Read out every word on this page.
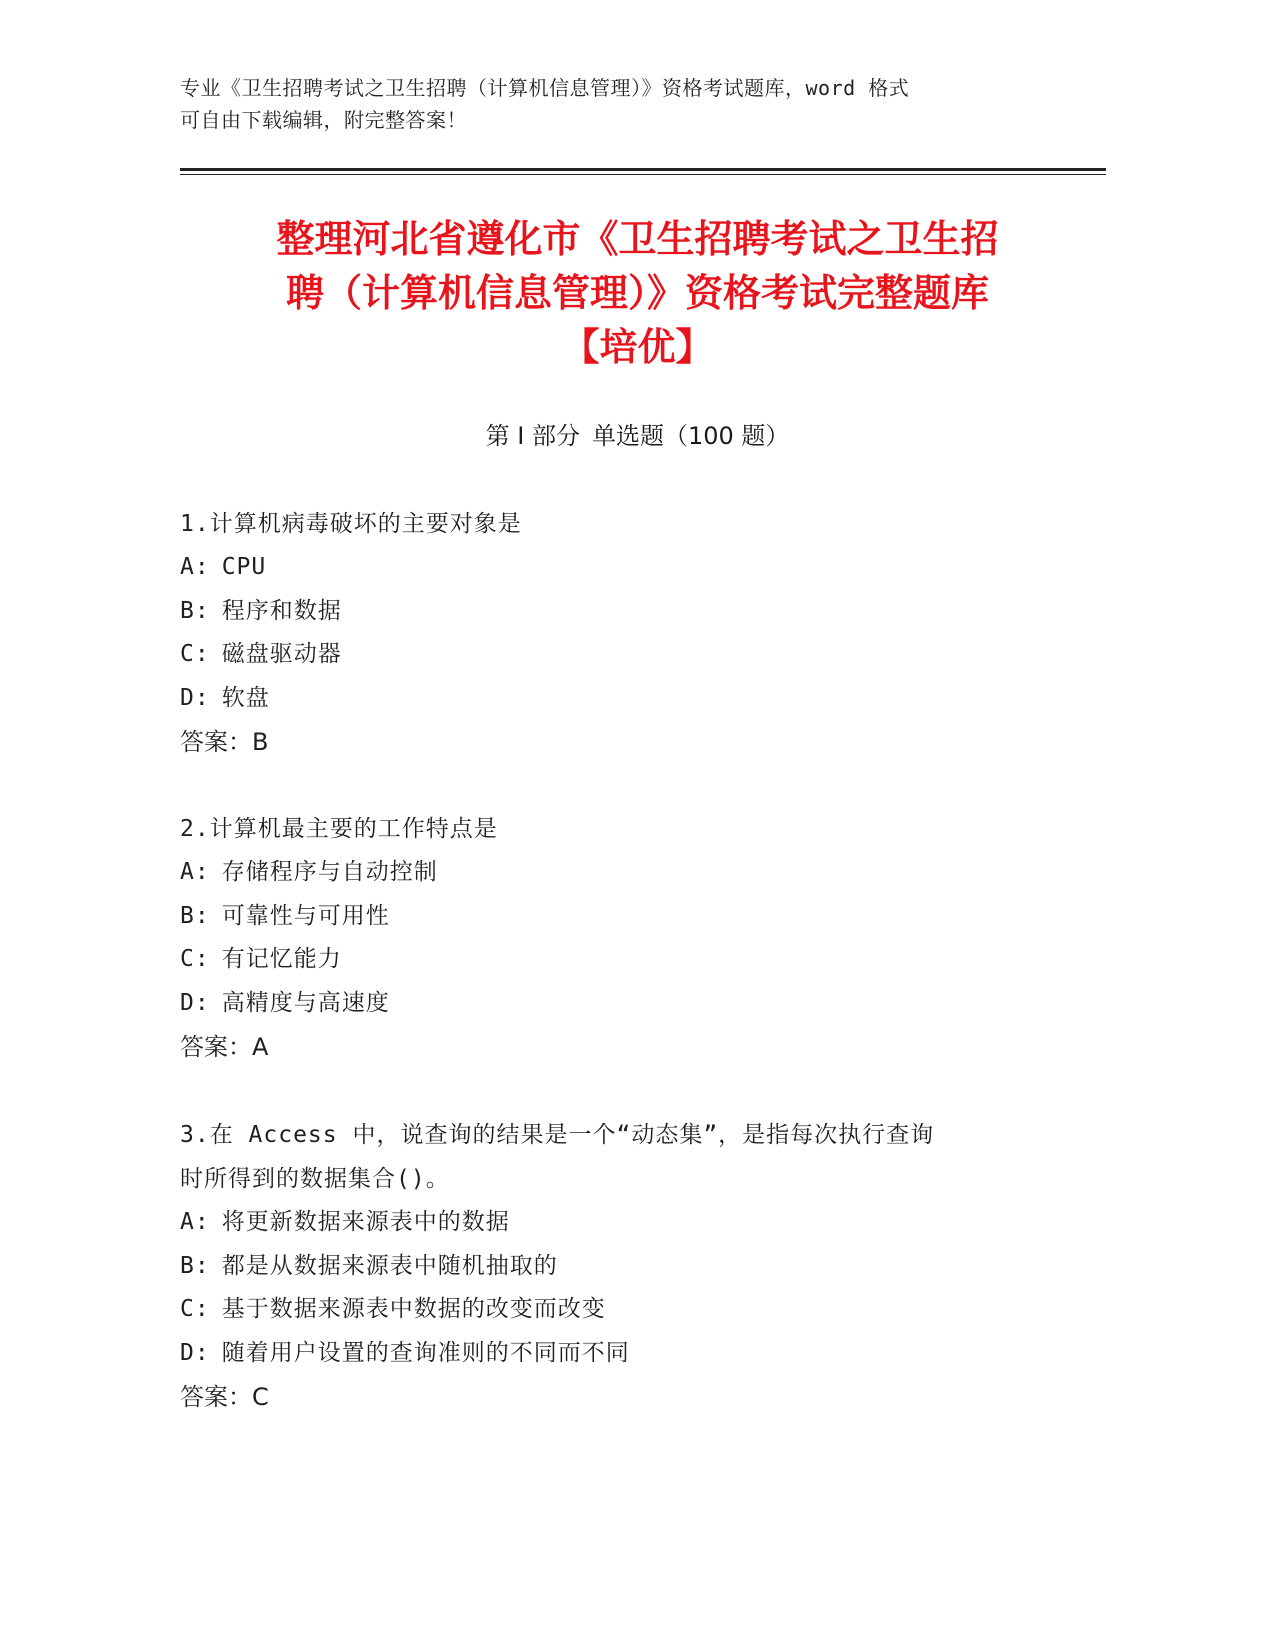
专业《卫生招聘考试之卫生招聘（计算机信息管理）》资格考试题库，word 格式

可自由下载编辑，附完整答案！

整理河北省遵化市《卫生招聘考试之卫生招

聘（计算机信息管理）》资格考试完整题库

【培优】

第 I 部分 单选题（100 题）

1.计算机病毒破坏的主要对象是

A: CPU

B: 程序和数据

C: 磁盘驱动器

D: 软盘

答案：B

2.计算机最主要的工作特点是

A: 存储程序与自动控制

B: 可靠性与可用性

C: 有记忆能力

D: 高精度与高速度

答案：A

3.在 Access 中，说查询的结果是一个“动态集”，是指每次执行查询

时所得到的数据集合()。

A: 将更新数据来源表中的数据

B: 都是从数据来源表中随机抽取的

C: 基于数据来源表中数据的改变而改变

D: 随着用户设置的查询准则的不同而不同

答案：C
